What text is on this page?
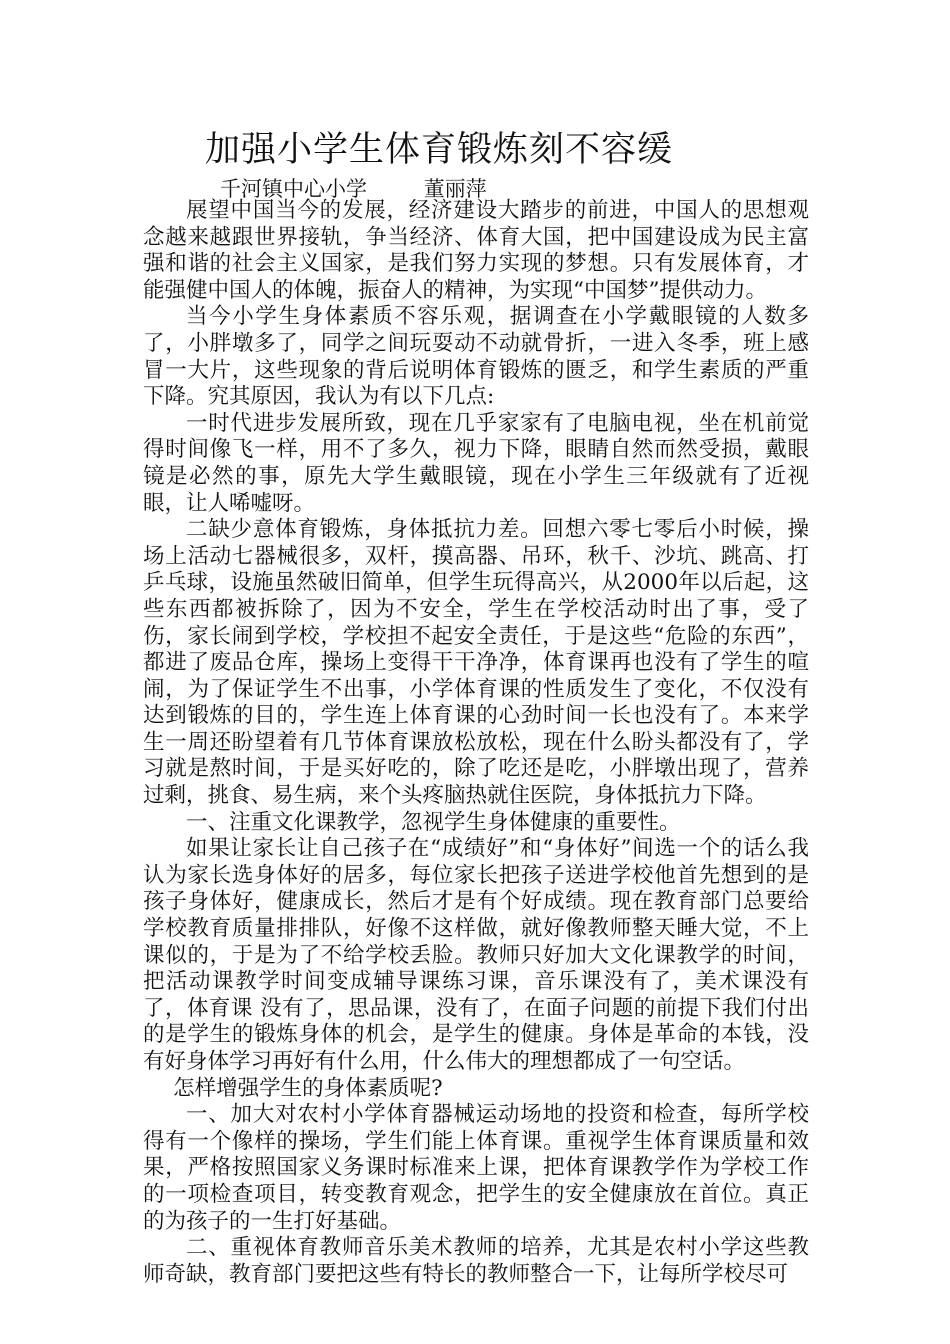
加强小学生体育锻炼刻不容缓
千河镇中心小学	董丽萍

展望中国当今的发展，经济建设大踏步的前进，中国人的思想观念越来越跟世界接轨，争当经济、体育大国，把中国建设成为民主富强和谐的社会主义国家，是我们努力实现的梦想。只有发展体育，才能强健中国人的体魄，振奋人的精神，为实现“中国梦”提供动力。

当今小学生身体素质不容乐观，据调查在小学戴眼镜的人数多了，小胖墩多了，同学之间玩耍动不动就骨折，一进入冬季，班上感冒一大片，这些现象的背后说明体育锻炼的匮乏，和学生素质的严重下降。究其原因，我认为有以下几点:

一时代进步发展所致，现在几乎家家有了电脑电视，坐在机前觉得时间像飞一样，用不了多久，视力下降，眼睛自然而然受损，戴眼镜是必然的事，原先大学生戴眼镜，现在小学生三年级就有了近视眼，让人唏嘘呀。

二缺少意体育锻炼，身体抵抗力差。回想六零七零后小时候，操场上活动七器械很多，双杆，摸高器、吊环，秋千、沙坑、跳高、打乒乓球，设施虽然破旧简单，但学生玩得高兴，从2000年以后起，这些东西都被拆除了，因为不安全，学生在学校活动时出了事，受了伤，家长闹到学校，学校担不起安全责任，于是这些“危险的东西”，都进了废品仓库，操场上变得干干净净，体育课再也没有了学生的喧闹，为了保证学生不出事，小学体育课的性质发生了变化，不仅没有达到锻炼的目的，学生连上体育课的心劲时间一长也没有了。本来学生一周还盼望着有几节体育课放松放松，现在什么盼头都没有了，学习就是熬时间，于是买好吃的，除了吃还是吃，小胖墩出现了，营养过剩，挑食、易生病，来个头疼脑热就住医院，身体抵抗力下降。

一、注重文化课教学，忽视学生身体健康的重要性。

如果让家长让自己孩子在“成绩好”和“身体好”间选一个的话么我认为家长选身体好的居多，每位家长把孩子送进学校他首先想到的是孩子身体好，健康成长，然后才是有个好成绩。现在教育部门总要给学校教育质量排排队，好像不这样做，就好像教师整天睡大觉，不上课似的，于是为了不给学校丢脸。教师只好加大文化课教学的时间，把活动课教学时间变成辅导课练习课，音乐课没有了，美术课没有了，体育课 没有了，思品课，没有了，在面子问题的前提下我们付出的是学生的锻炼身体的机会，是学生的健康。身体是革命的本钱，没有好身体学习再好有什么用，什么伟大的理想都成了一句空话。

怎样增强学生的身体素质呢?

一、加大对农村小学体育器械运动场地的投资和检查，每所学校得有一个像样的操场，学生们能上体育课。重视学生体育课质量和效果，严格按照国家义务课时标准来上课，把体育课教学作为学校工作的一项检查项目，转变教育观念，把学生的安全健康放在首位。真正的为孩子的一生打好基础。

二、重视体育教师音乐美术教师的培养，尤其是农村小学这些教师奇缺，教育部门要把这些有特长的教师整合一下，让每所学校尽可
